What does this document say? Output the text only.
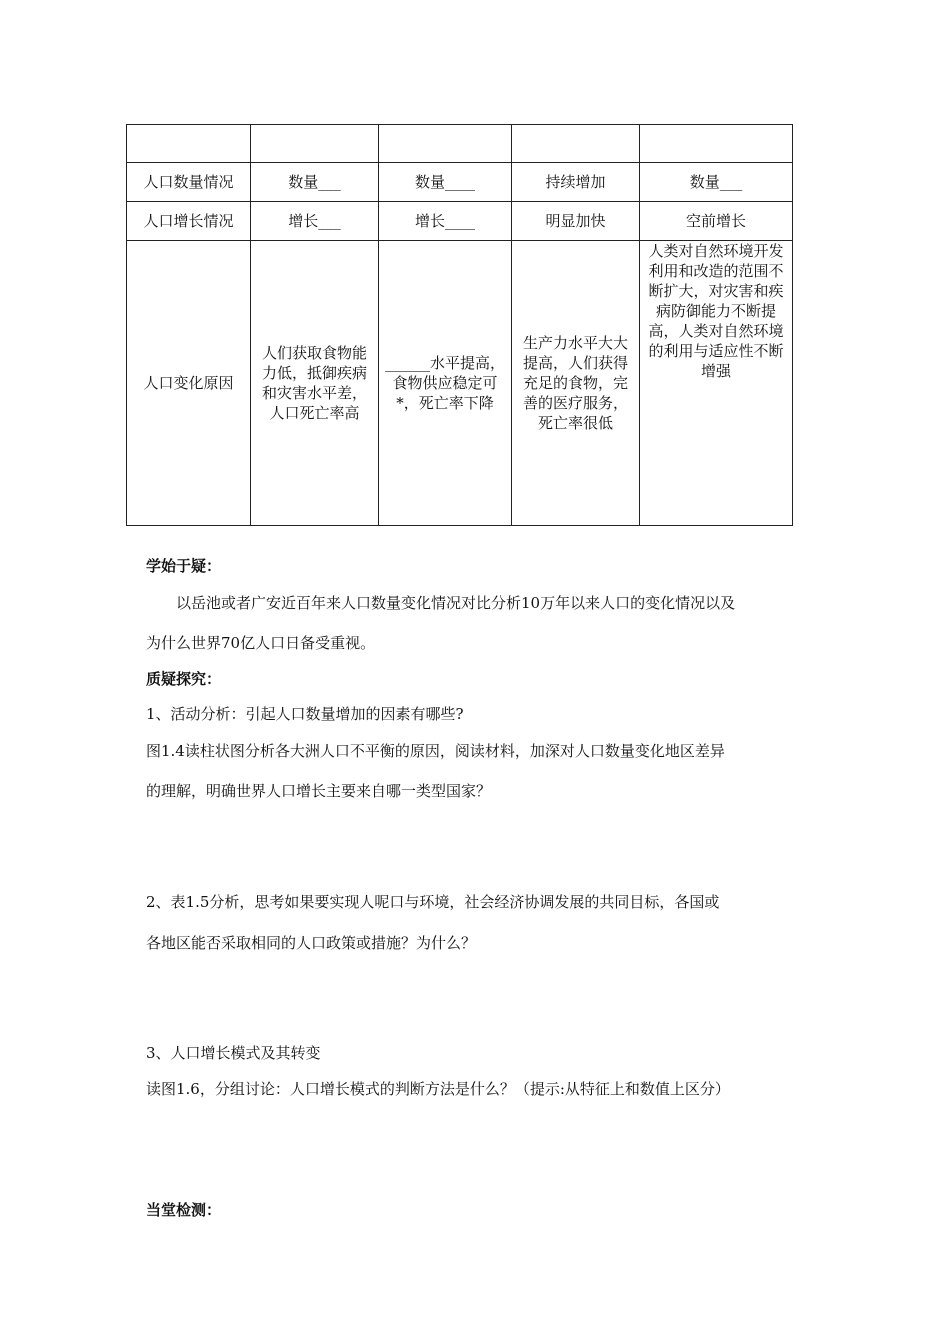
人口数量情况	数量___	数量____	持续增加	数量___
人口增长情况	增长___	增长____	明显加快	空前增长
人口变化原因	人们获取食物能力低，抵御疾病和灾害水平差，人口死亡率高	______水平提高，食物供应稳定可*，死亡率下降	生产力水平大大提高，人们获得充足的食物，完善的医疗服务，死亡率很低	人类对自然环境开发利用和改造的范围不断扩大，对灾害和疾病防御能力不断提高，人类对自然环境的利用与适应性不断增强
学始于疑：
以岳池或者广安近百年来人口数量变化情况对比分析10万年以来人口的变化情况以及
为什么世界70亿人口日备受重视。
质疑探究：
1、活动分析：引起人口数量增加的因素有哪些?
图1.4读柱状图分析各大洲人口不平衡的原因，阅读材料，加深对人口数量变化地区差异
的理解，明确世界人口增长主要来自哪一类型国家？
2、表1.5分析，思考如果要实现人呢口与环境，社会经济协调发展的共同目标，各国或
各地区能否采取相同的人口政策或措施？为什么？
3、人口增长模式及其转变
读图1.6，分组讨论：人口增长模式的判断方法是什么？（提示:从特征上和数值上区分）
当堂检测：
